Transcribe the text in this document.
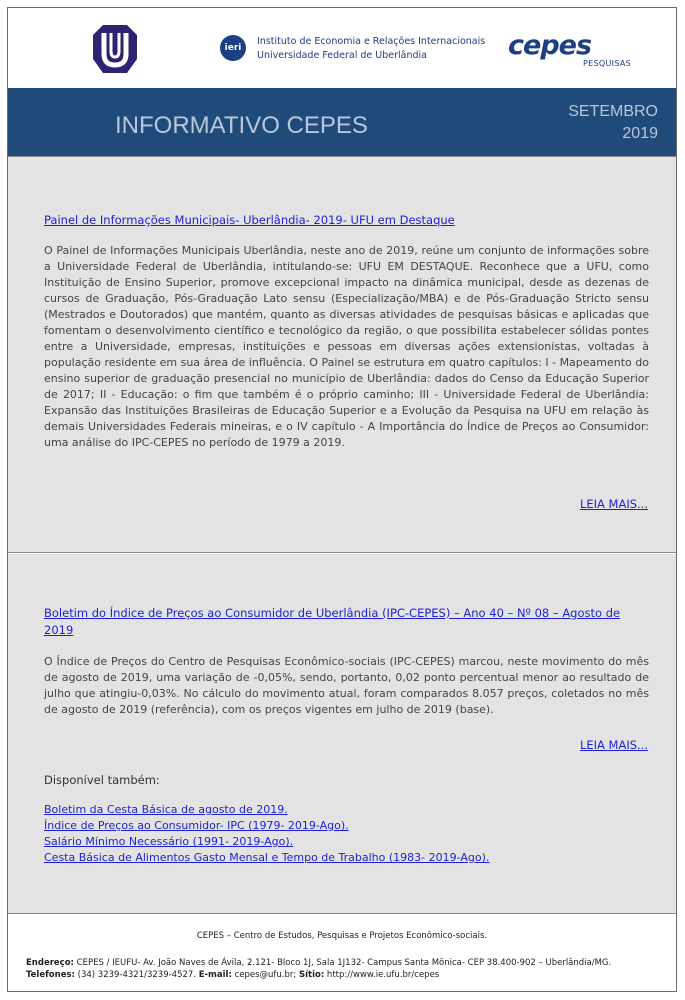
ieri
Instituto de Economia e Relações Internacionais
Universidade Federal de Uberlândia	cepes
PESQUISAS
INFORMATIVO CEPES
SETEMBRO
2019
Painel de Informações Municipais- Uberlândia- 2019- UFU em Destaque
O Painel de Informações Municipais Uberlândia, neste ano de 2019, reúne um conjunto de informações sobre a Universidade Federal de Uberlândia, intitulando-se: UFU EM DESTAQUE. Reconhece que a UFU, como Instituição de Ensino Superior, promove excepcional impacto na dinâmica municipal, desde as dezenas de cursos de Graduação, Pós-Graduação Lato sensu (Especialização/MBA) e de Pós-Graduação Stricto sensu (Mestrados e Doutorados) que mantém, quanto as diversas atividades de pesquisas básicas e aplicadas que fomentam o desenvolvimento científico e tecnológico da região, o que possibilita estabelecer sólidas pontes entre a Universidade, empresas, instituições e pessoas em diversas ações extensionistas, voltadas à população residente em sua área de influência. O Painel se estrutura em quatro capítulos: I - Mapeamento do ensino superior de graduação presencial no município de Uberlândia: dados do Censo da Educação Superior de 2017; II - Educação: o fim que também é o próprio caminho; III - Universidade Federal de Uberlândia: Expansão das Instituições Brasileiras de Educação Superior e a Evolução da Pesquisa na UFU em relação às demais Universidades Federais mineiras, e o IV capítulo - A Importância do Índice de Preços ao Consumidor: uma análise do IPC-CEPES no período de 1979 a 2019.
LEIA MAIS...
Boletim do Índice de Preços ao Consumidor de Uberlândia (IPC-CEPES) – Ano 40 – Nº 08 – Agosto de 2019
O Índice de Preços do Centro de Pesquisas Econômico-sociais (IPC-CEPES) marcou, neste movimento do mês de agosto de 2019, uma variação de -0,05%, sendo, portanto, 0,02 ponto percentual menor ao resultado de julho que atingiu-0,03%. No cálculo do movimento atual, foram comparados 8.057 preços, coletados no mês de agosto de 2019 (referência), com os preços vigentes em julho de 2019 (base).
LEIA MAIS...
Disponível também:
Boletim da Cesta Básica de agosto de 2019.
Índice de Preços ao Consumidor- IPC (1979- 2019-Ago).
Salário Mínimo Necessário (1991- 2019-Ago).
Cesta Básica de Alimentos Gasto Mensal e Tempo de Trabalho (1983- 2019-Ago).
CEPES – Centro de Estudos, Pesquisas e Projetos Econômico-sociais.
Endereço: CEPES / IEUFU- Av. João Naves de Ávila, 2.121- Bloco 1J, Sala 1J132- Campus Santa Mônica- CEP 38.400-902 – Uberlândia/MG.
Telefones: (34) 3239-4321/3239-4527. E-mail: cepes@ufu.br; Sítio: http://www.ie.ufu.br/cepes
